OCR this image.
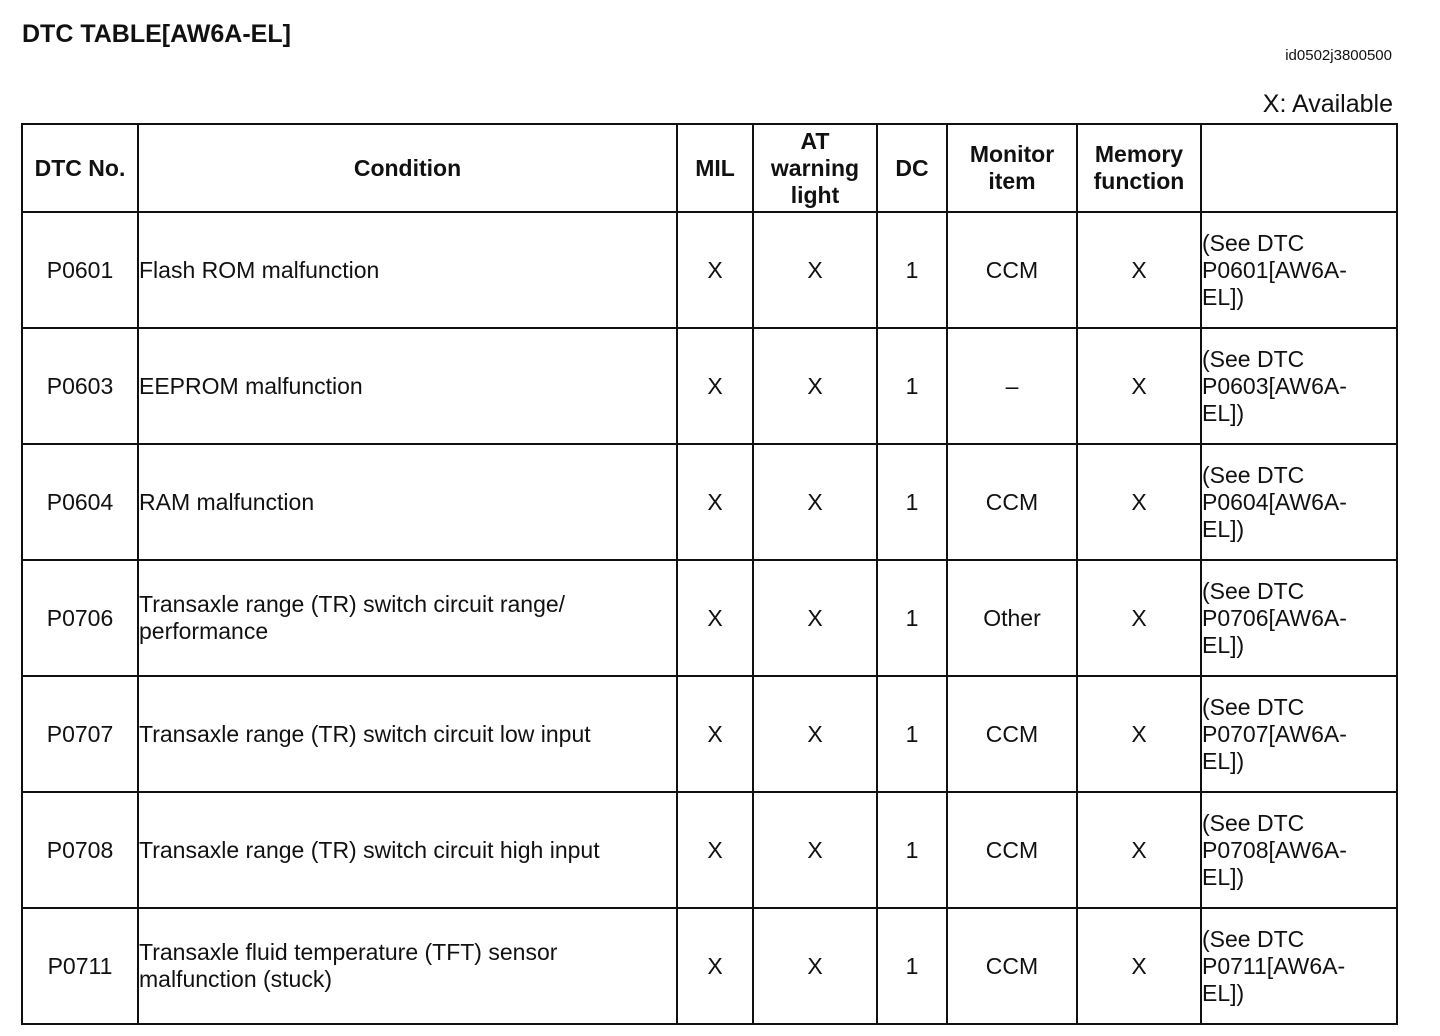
DTC TABLE[AW6A-EL]
id0502j3800500
X: Available
DTC No.	Condition	MIL	AT
warning
light	DC	Monitor
item	Memory
function	

P0601	Flash ROM malfunction	X	X	1	CCM	X	(See DTC
P0601[AW6A-
EL])

P0603	EEPROM malfunction	X	X	1	–	X	(See DTC
P0603[AW6A-
EL])

P0604	RAM malfunction	X	X	1	CCM	X	(See DTC
P0604[AW6A-
EL])

P0706	Transaxle range (TR) switch circuit range/
performance	X	X	1	Other	X	(See DTC
P0706[AW6A-
EL])

P0707	Transaxle range (TR) switch circuit low input	X	X	1	CCM	X	(See DTC
P0707[AW6A-
EL])

P0708	Transaxle range (TR) switch circuit high input	X	X	1	CCM	X	(See DTC
P0708[AW6A-
EL])

P0711	Transaxle fluid temperature (TFT) sensor
malfunction (stuck)	X	X	1	CCM	X	(See DTC
P0711[AW6A-
EL])
